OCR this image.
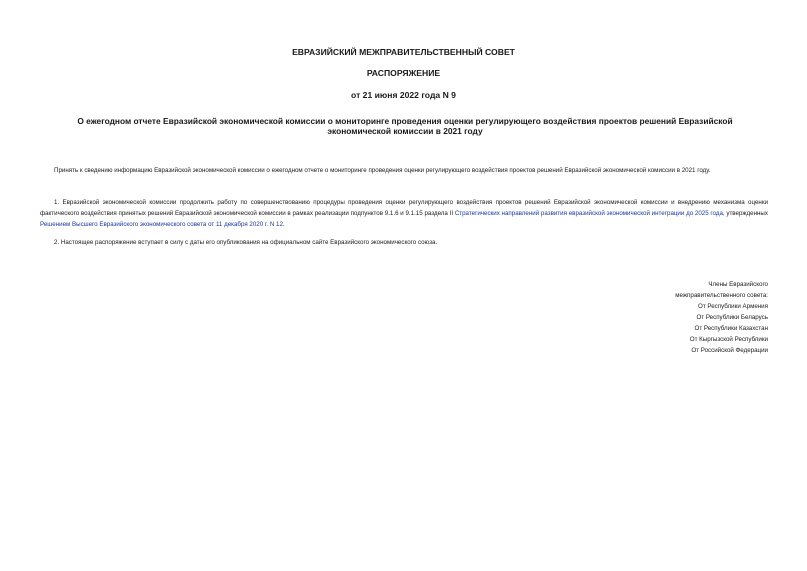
ЕВРАЗИЙСКИЙ МЕЖПРАВИТЕЛЬСТВЕННЫЙ СОВЕТ
РАСПОРЯЖЕНИЕ
от 21 июня 2022 года N 9
О ежегодном отчете Евразийской экономической комиссии о мониторинге проведения оценки регулирующего воздействия проектов решений Евразийской экономической комиссии в 2021 году
Принять к сведению информацию Евразийской экономической комиссии о ежегодном отчете о мониторинге проведения оценки регулирующего воздействия проектов решений Евразийской экономической комиссии в 2021 году.
1. Евразийской экономической комиссии продолжить работу по совершенствованию процедуры проведения оценки регулирующего воздействия проектов решений Евразийской экономической комиссии и внедрению механизма оценки фактического воздействия принятых решений Евразийской экономической комиссии в рамках реализации подпунктов 9.1.6 и 9.1.15 раздела II Стратегических направлений развития евразийской экономической интеграции до 2025 года, утвержденных Решением Высшего Евразийского экономического совета от 11 декабря 2020 г. N 12.
2. Настоящее распоряжение вступает в силу с даты его опубликования на официальном сайте Евразийского экономического союза.
Члены Евразийского
межправительственного совета:
От Республики Армения
От Республики Беларусь
От Республики Казахстан
От Кыргызской Республики
От Российской Федерации
